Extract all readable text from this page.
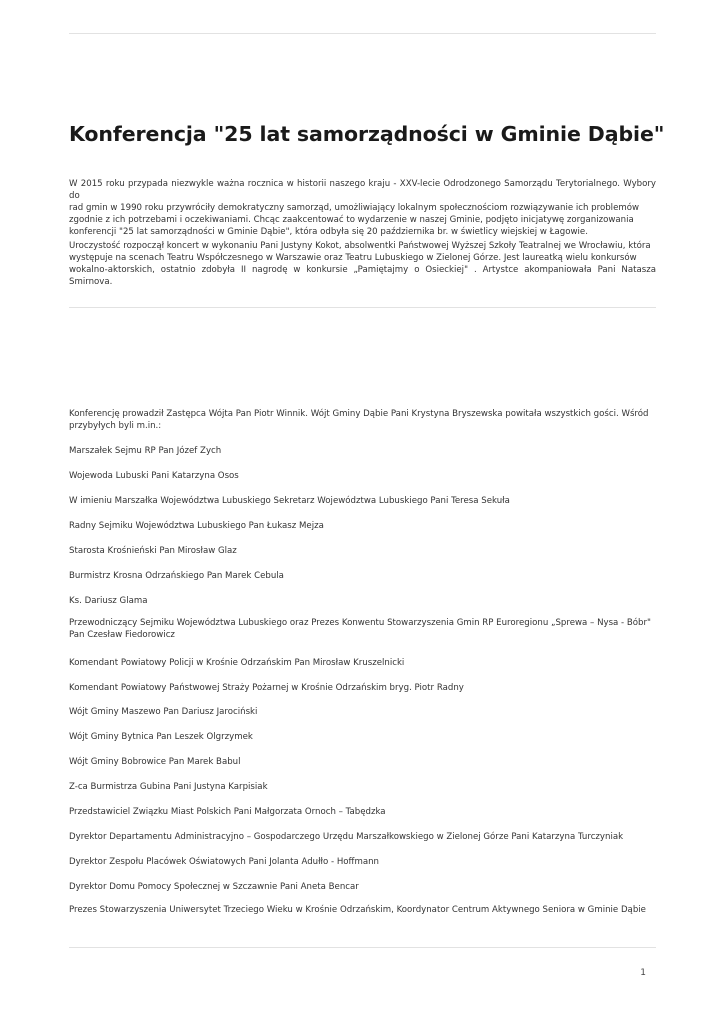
Konferencja "25 lat samorządności w Gminie Dąbie"
W 2015 roku przypada niezwykle ważna rocznica w historii naszego kraju - XXV-lecie Odrodzonego Samorządu Terytorialnego. Wybory do
rad gmin w 1990 roku przywróciły demokratyczny samorząd, umożliwiający lokalnym społecznościom rozwiązywanie ich problemów
zgodnie z ich potrzebami i oczekiwaniami. Chcąc zaakcentować to wydarzenie w naszej Gminie, podjęto inicjatywę zorganizowania
konferencji "25 lat samorządności w Gminie Dąbie", która odbyła się 20 października br. w świetlicy wiejskiej w Łagowie.
Uroczystość rozpoczął koncert w wykonaniu Pani Justyny Kokot, absolwentki Państwowej Wyższej Szkoły Teatralnej we Wrocławiu, która
występuje na scenach Teatru Współczesnego w Warszawie oraz Teatru Lubuskiego w Zielonej Górze. Jest laureatką wielu konkursów
wokalno-aktorskich, ostatnio zdobyła II nagrodę w konkursie „Pamiętajmy o Osieckiej" . Artystce akompaniowała Pani Natasza Smirnova.
Konferencję prowadził Zastępca Wójta Pan Piotr Winnik. Wójt Gminy Dąbie Pani Krystyna Bryszewska powitała wszystkich gości. Wśród
przybyłych byli m.in.:
Marszałek Sejmu RP Pan Józef Zych
Wojewoda Lubuski Pani Katarzyna Osos
W imieniu Marszałka Województwa Lubuskiego Sekretarz Województwa Lubuskiego Pani Teresa Sekuła
Radny Sejmiku Województwa Lubuskiego Pan Łukasz Mejza
Starosta Krośnieński Pan Mirosław Glaz
Burmistrz Krosna Odrzańskiego Pan Marek Cebula
Ks. Dariusz Glama
Przewodniczący Sejmiku Województwa Lubuskiego oraz Prezes Konwentu Stowarzyszenia Gmin RP Euroregionu „Sprewa – Nysa - Bóbr"
Pan Czesław Fiedorowicz
Komendant Powiatowy Policji w Krośnie Odrzańskim Pan Mirosław Kruszelnicki
Komendant Powiatowy Państwowej Straży Pożarnej w Krośnie Odrzańskim bryg. Piotr Radny
Wójt Gminy Maszewo Pan Dariusz Jarociński
Wójt Gminy Bytnica Pan Leszek Olgrzymek
Wójt Gminy Bobrowice Pan Marek Babul
Z-ca Burmistrza Gubina Pani Justyna Karpisiak
Przedstawiciel Związku Miast Polskich Pani Małgorzata Ornoch – Tabędzka
Dyrektor Departamentu Administracyjno – Gospodarczego Urzędu Marszałkowskiego w Zielonej Górze Pani Katarzyna Turczyniak
Dyrektor Zespołu Placówek Oświatowych Pani Jolanta Adułło - Hoffmann
Dyrektor Domu Pomocy Społecznej w Szczawnie Pani Aneta Bencar
Prezes Stowarzyszenia Uniwersytet Trzeciego Wieku w Krośnie Odrzańskim, Koordynator Centrum Aktywnego Seniora w Gminie Dąbie
1
